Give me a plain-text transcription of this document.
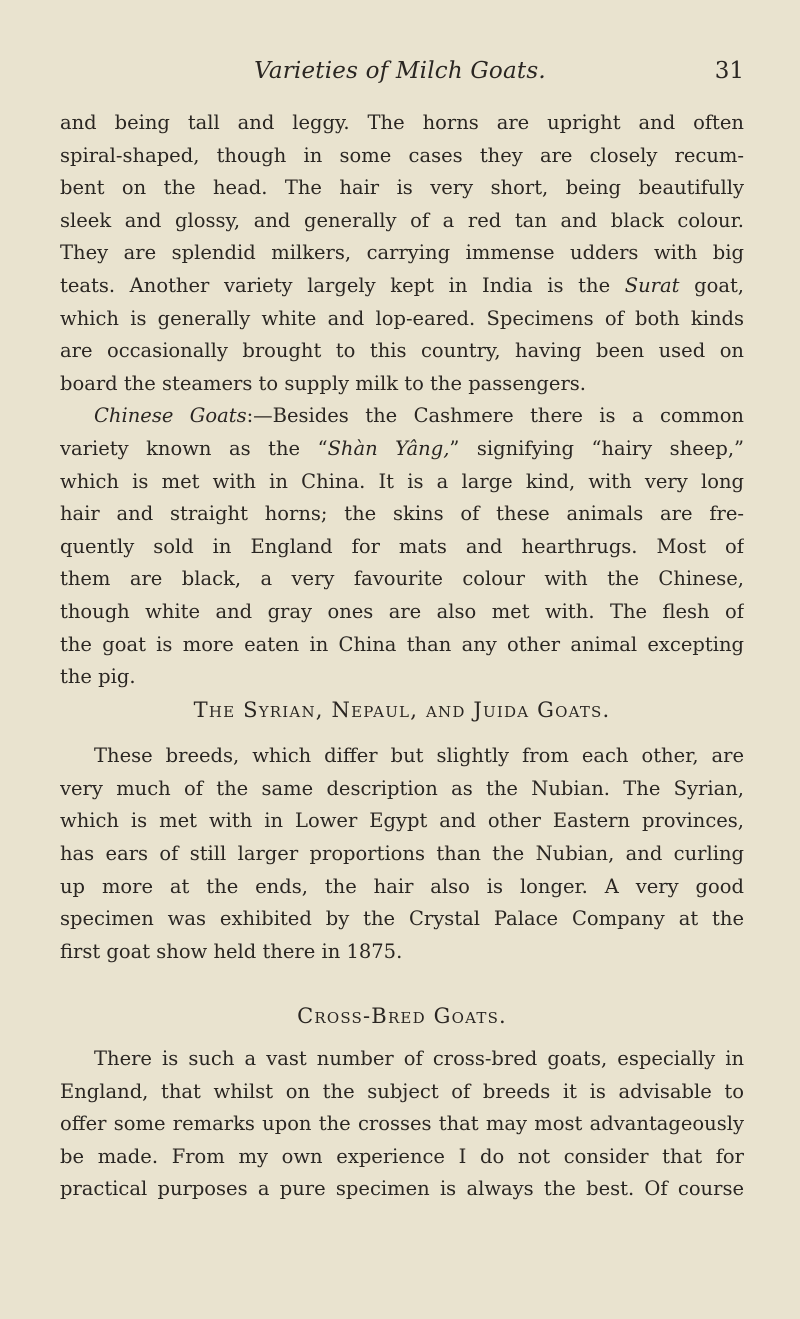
Varieties of Milch Goats.	31
and being tall and leggy. The horns are upright and often
spiral-shaped, though in some cases they are closely recum-
bent on the head. The hair is very short, being beautifully
sleek and glossy, and generally of a red tan and black colour.
They are splendid milkers, carrying immense udders with big
teats. Another variety largely kept in India is the Surat goat,
which is generally white and lop-eared. Specimens of both kinds
are occasionally brought to this country, having been used on
board the steamers to supply milk to the passengers.
Chinese Goats:—Besides the Cashmere there is a common
variety known as the “Shàn Yâng,” signifying “hairy sheep,”
which is met with in China. It is a large kind, with very long
hair and straight horns; the skins of these animals are fre-
quently sold in England for mats and hearthrugs. Most of
them are black, a very favourite colour with the Chinese,
though white and gray ones are also met with. The flesh of
the goat is more eaten in China than any other animal excepting
the pig.
The Syrian, Nepaul, and Juida Goats.
These breeds, which differ but slightly from each other, are
very much of the same description as the Nubian. The Syrian,
which is met with in Lower Egypt and other Eastern provinces,
has ears of still larger proportions than the Nubian, and curling
up more at the ends, the hair also is longer. A very good
specimen was exhibited by the Crystal Palace Company at the
first goat show held there in 1875.
Cross-Bred Goats.
There is such a vast number of cross-bred goats, especially in
England, that whilst on the subject of breeds it is advisable to
offer some remarks upon the crosses that may most advantageously
be made. From my own experience I do not consider that for
practical purposes a pure specimen is always the best. Of course
